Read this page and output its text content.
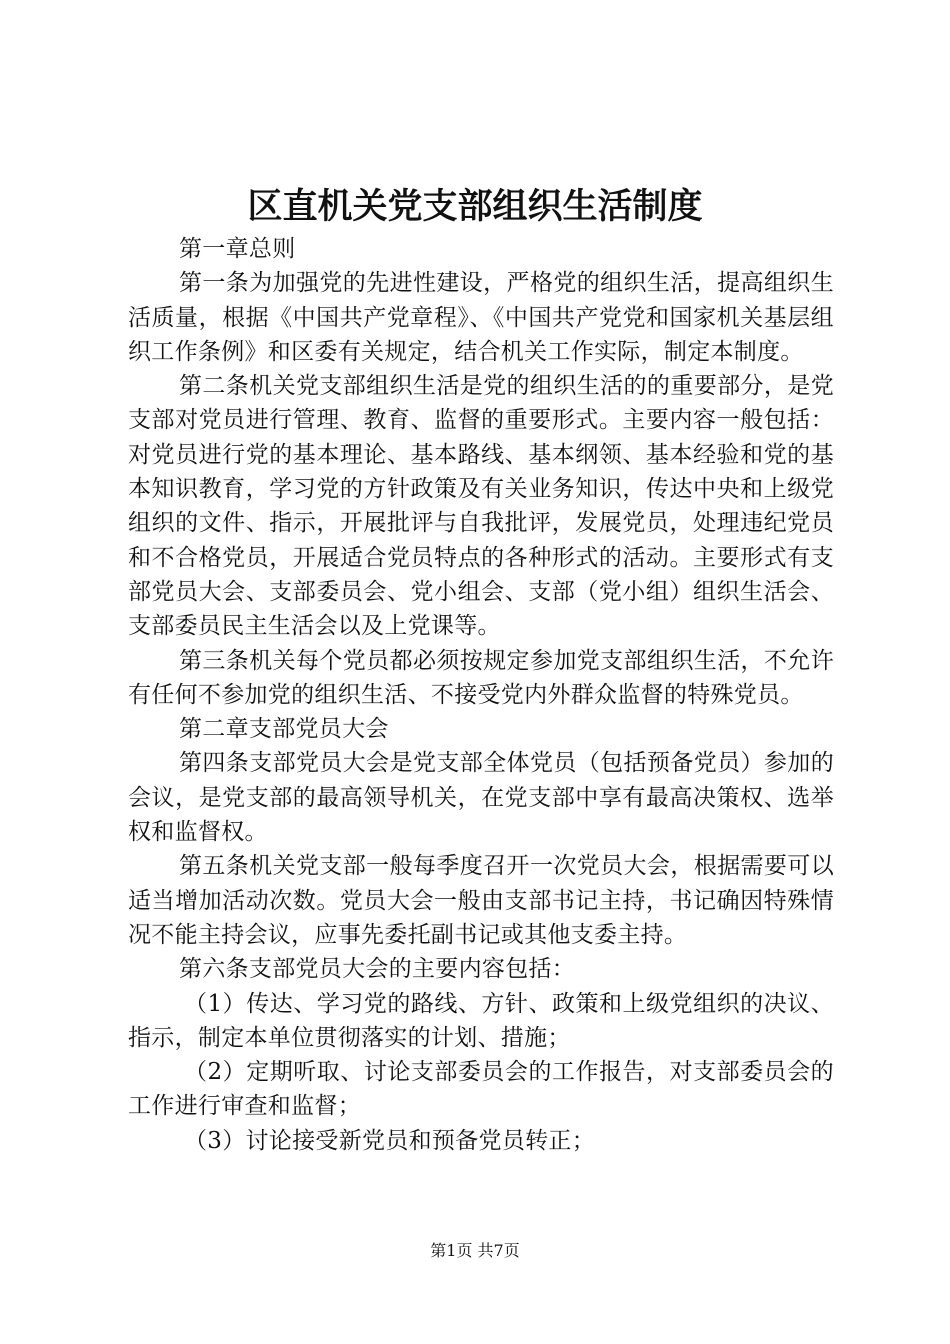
区直机关党支部组织生活制度

第一章总则

第一条为加强党的先进性建设，严格党的组织生活，提高组织生活质量，根据《中国共产党章程》、《中国共产党党和国家机关基层组织工作条例》和区委有关规定，结合机关工作实际，制定本制度。

第二条机关党支部组织生活是党的组织生活的的重要部分，是党支部对党员进行管理、教育、监督的重要形式。主要内容一般包括：对党员进行党的基本理论、基本路线、基本纲领、基本经验和党的基本知识教育，学习党的方针政策及有关业务知识，传达中央和上级党组织的文件、指示，开展批评与自我批评，发展党员，处理违纪党员和不合格党员，开展适合党员特点的各种形式的活动。主要形式有支部党员大会、支部委员会、党小组会、支部（党小组）组织生活会、支部委员民主生活会以及上党课等。

第三条机关每个党员都必须按规定参加党支部组织生活，不允许有任何不参加党的组织生活、不接受党内外群众监督的特殊党员。

第二章支部党员大会

第四条支部党员大会是党支部全体党员（包括预备党员）参加的会议，是党支部的最高领导机关，在党支部中享有最高决策权、选举权和监督权。

第五条机关党支部一般每季度召开一次党员大会，根据需要可以适当增加活动次数。党员大会一般由支部书记主持，书记确因特殊情况不能主持会议，应事先委托副书记或其他支委主持。

第六条支部党员大会的主要内容包括：

（1）传达、学习党的路线、方针、政策和上级党组织的决议、指示，制定本单位贯彻落实的计划、措施；

（2）定期听取、讨论支部委员会的工作报告，对支部委员会的工作进行审查和监督；

（3）讨论接受新党员和预备党员转正；

第1页 共7页
